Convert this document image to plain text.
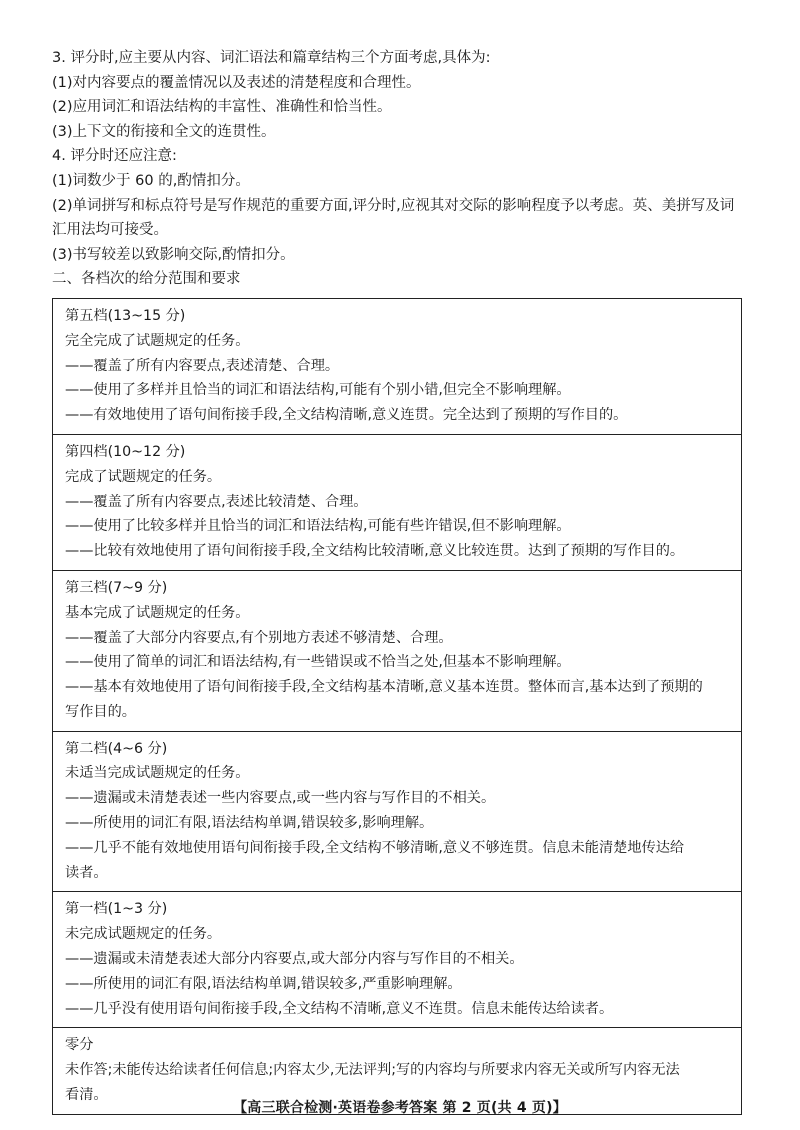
3. 评分时,应主要从内容、词汇语法和篇章结构三个方面考虑,具体为:

(1)对内容要点的覆盖情况以及表述的清楚程度和合理性。

(2)应用词汇和语法结构的丰富性、准确性和恰当性。

(3)上下文的衔接和全文的连贯性。

4. 评分时还应注意:

(1)词数少于 60 的,酌情扣分。

(2)单词拼写和标点符号是写作规范的重要方面,评分时,应视其对交际的影响程度予以考虑。英、美拼写及词

汇用法均可接受。

(3)书写较差以致影响交际,酌情扣分。

二、各档次的给分范围和要求

第五档(13~15 分)

完全完成了试题规定的任务。

——覆盖了所有内容要点,表述清楚、合理。

——使用了多样并且恰当的词汇和语法结构,可能有个别小错,但完全不影响理解。

——有效地使用了语句间衔接手段,全文结构清晰,意义连贯。完全达到了预期的写作目的。

第四档(10~12 分)

完成了试题规定的任务。

——覆盖了所有内容要点,表述比较清楚、合理。

——使用了比较多样并且恰当的词汇和语法结构,可能有些许错误,但不影响理解。

——比较有效地使用了语句间衔接手段,全文结构比较清晰,意义比较连贯。达到了预期的写作目的。

第三档(7~9 分)

基本完成了试题规定的任务。

——覆盖了大部分内容要点,有个别地方表述不够清楚、合理。

——使用了简单的词汇和语法结构,有一些错误或不恰当之处,但基本不影响理解。

——基本有效地使用了语句间衔接手段,全文结构基本清晰,意义基本连贯。整体而言,基本达到了预期的

写作目的。

第二档(4~6 分)

未适当完成试题规定的任务。

——遗漏或未清楚表述一些内容要点,或一些内容与写作目的不相关。

——所使用的词汇有限,语法结构单调,错误较多,影响理解。

——几乎不能有效地使用语句间衔接手段,全文结构不够清晰,意义不够连贯。信息未能清楚地传达给

读者。

第一档(1~3 分)

未完成试题规定的任务。

——遗漏或未清楚表述大部分内容要点,或大部分内容与写作目的不相关。

——所使用的词汇有限,语法结构单调,错误较多,严重影响理解。

——几乎没有使用语句间衔接手段,全文结构不清晰,意义不连贯。信息未能传达给读者。

零分

未作答;未能传达给读者任何信息;内容太少,无法评判;写的内容均与所要求内容无关或所写内容无法

看清。

【高三联合检测·英语卷参考答案 第 2 页(共 4 页)】
